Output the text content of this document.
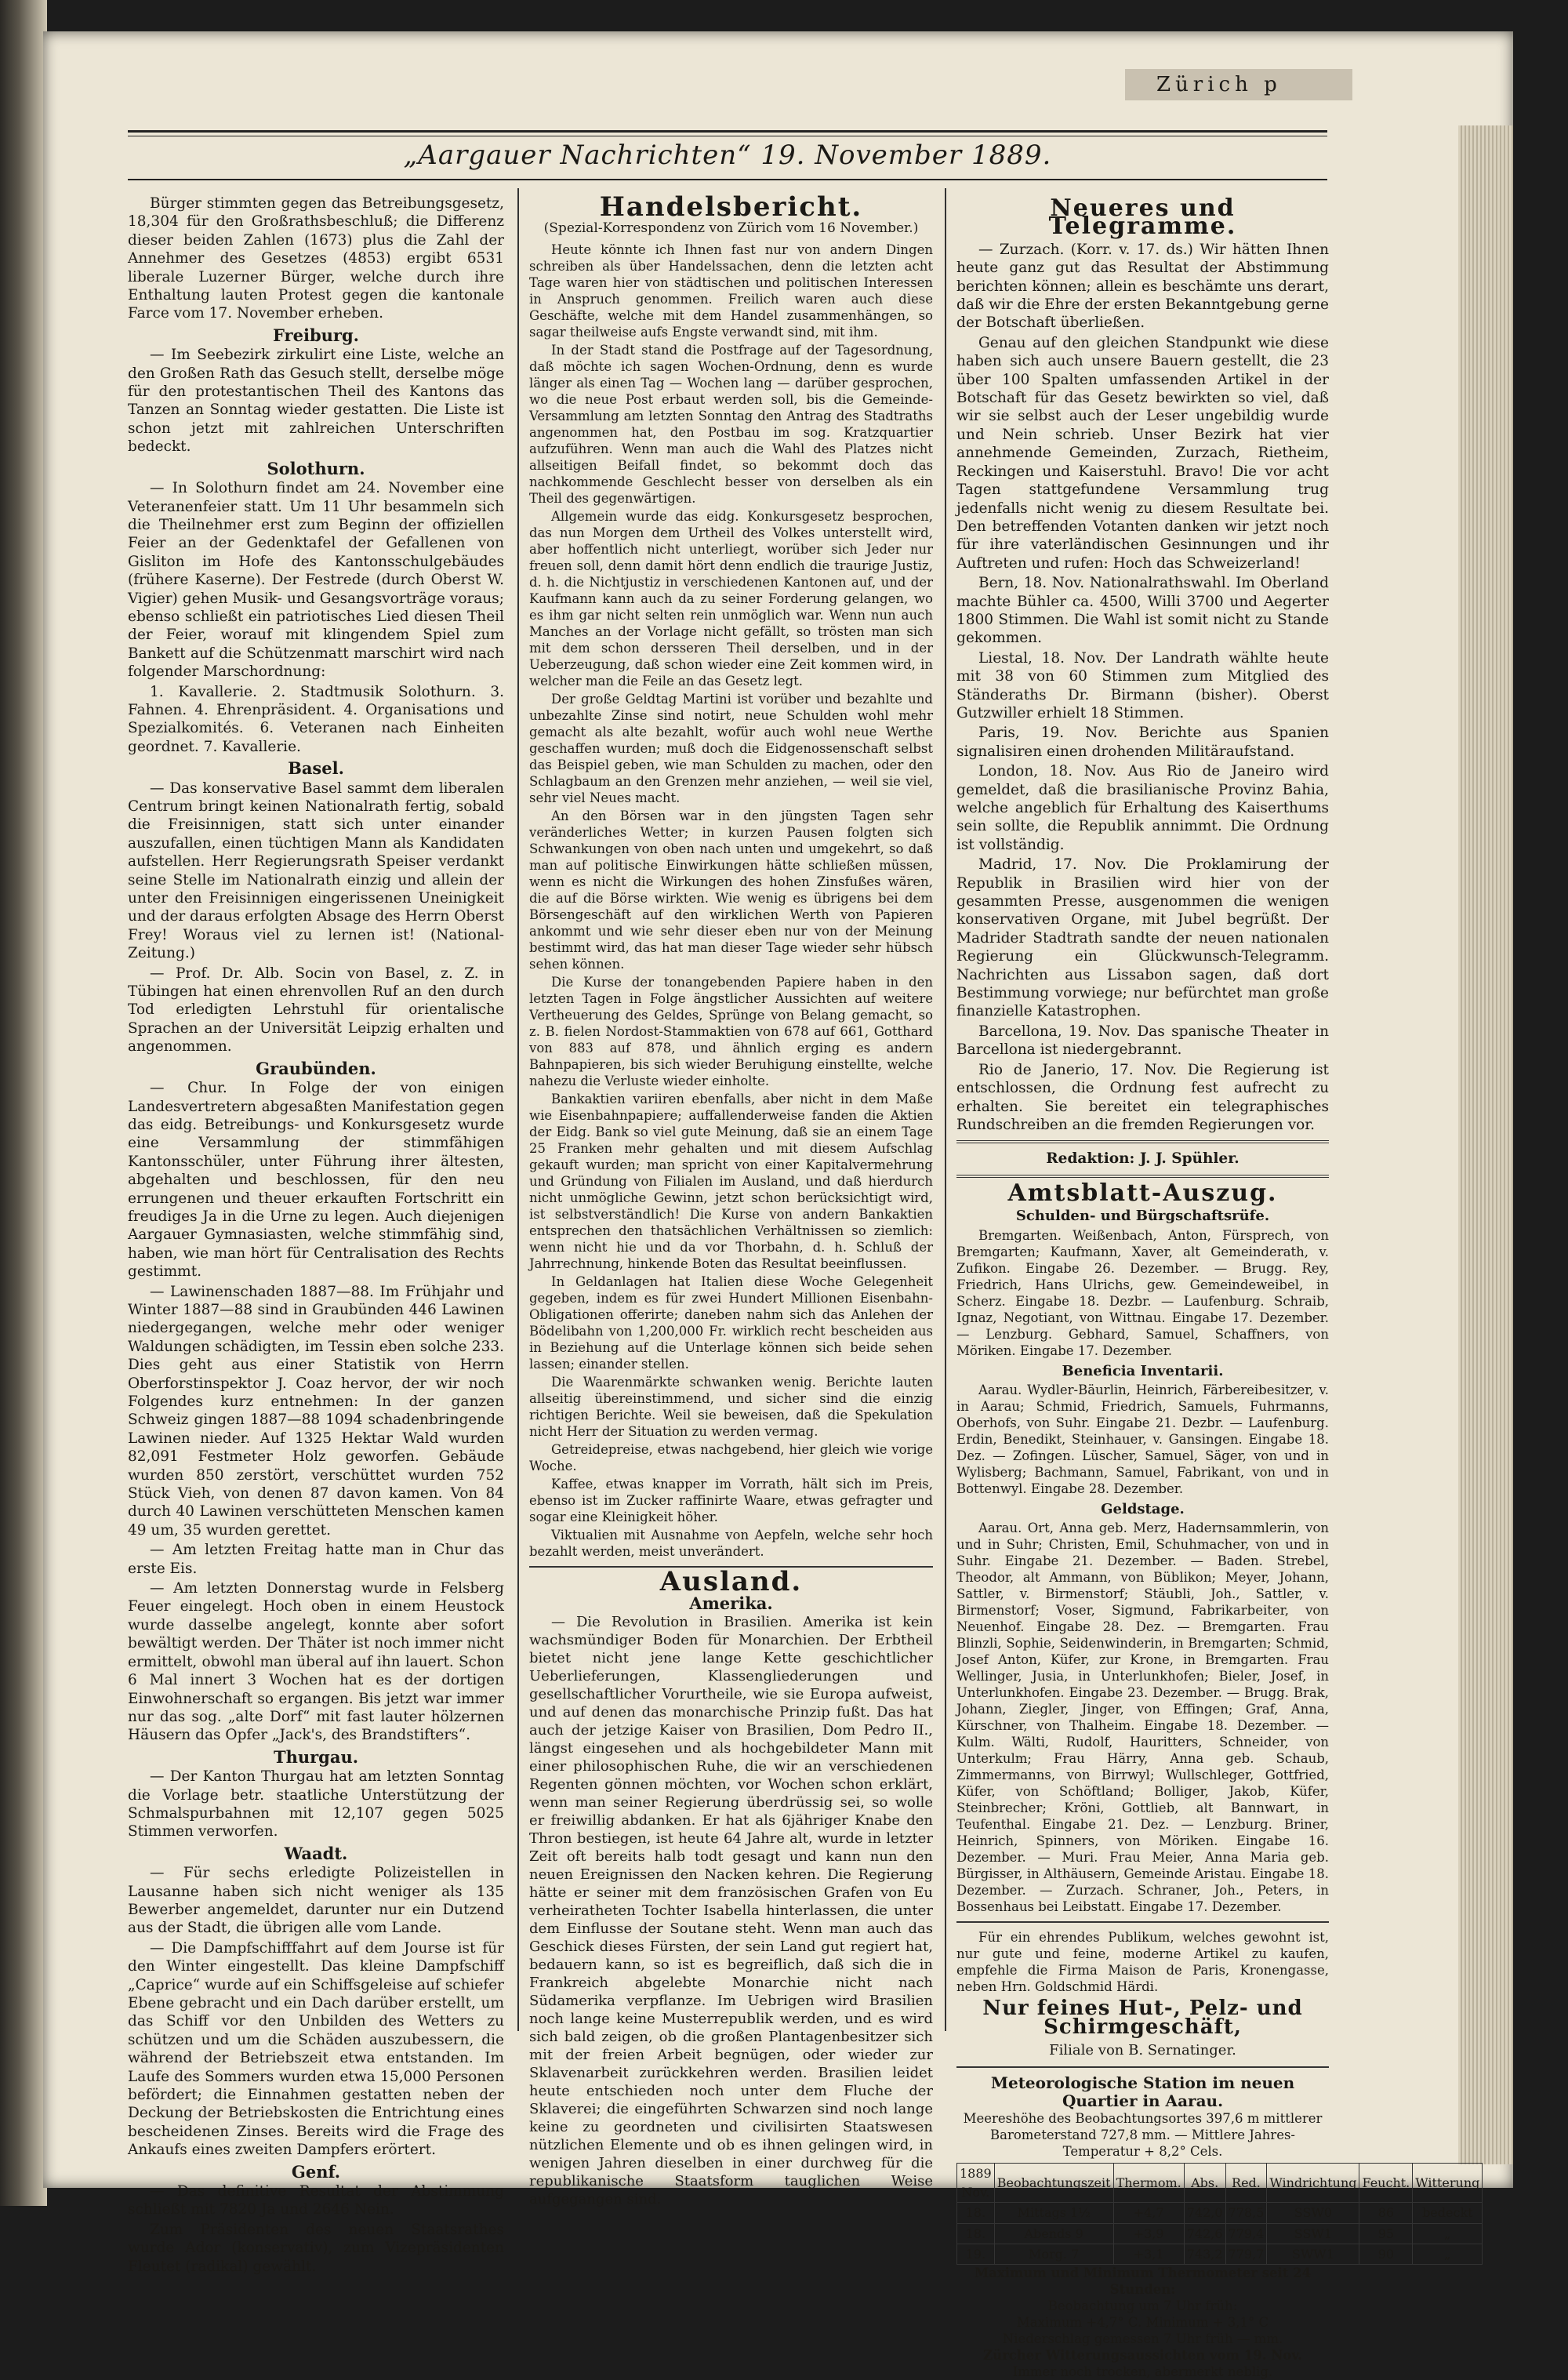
Zürich p
„Aargauer Nachrichten“ 19. November 1889.

Bürger stimmten gegen das Betreibungsgesetz, 18,304 für den Großrathsbeschluß; die Differenz dieser beiden Zahlen (1673) plus die Zahl der Annehmer des Gesetzes (4853) ergibt 6531 liberale Luzerner Bürger, welche durch ihre Enthaltung lauten Protest gegen die kantonale Farce vom 17. November erheben.

Freiburg.

— Im Seebezirk zirkulirt eine Liste, welche an den Großen Rath das Gesuch stellt, derselbe möge für den protestantischen Theil des Kantons das Tanzen an Sonntag wieder gestatten. Die Liste ist schon jetzt mit zahlreichen Unterschriften bedeckt.

Solothurn.

— In Solothurn findet am 24. November eine Veteranenfeier statt. Um 11 Uhr besammeln sich die Theilnehmer erst zum Beginn der offiziellen Feier an der Gedenktafel der Gefallenen von Gisliton im Hofe des Kantonsschulgebäudes (frühere Kaserne). Der Festrede (durch Oberst W. Vigier) gehen Musik- und Gesangsvorträge voraus; ebenso schließt ein patriotisches Lied diesen Theil der Feier, worauf mit klingendem Spiel zum Bankett auf die Schützenmatt marschirt wird nach folgender Marschordnung:

1. Kavallerie. 2. Stadtmusik Solothurn. 3. Fahnen. 4. Ehrenpräsident. 4. Organisations und Spezialkomités. 6. Veteranen nach Einheiten geordnet. 7. Kavallerie.

Basel.

— Das konservative Basel sammt dem liberalen Centrum bringt keinen Nationalrath fertig, sobald die Freisinnigen, statt sich unter einander auszufallen, einen tüchtigen Mann als Kandidaten aufstellen. Herr Regierungsrath Speiser verdankt seine Stelle im Nationalrath einzig und allein der unter den Freisinnigen eingerissenen Uneinigkeit und der daraus erfolgten Absage des Herrn Oberst Frey! Woraus viel zu lernen ist! (National-Zeitung.)

— Prof. Dr. Alb. Socin von Basel, z. Z. in Tübingen hat einen ehrenvollen Ruf an den durch Tod erledigten Lehrstuhl für orientalische Sprachen an der Universität Leipzig erhalten und angenommen.

Graubünden.

— Chur. In Folge der von einigen Landesvertretern abgesaßten Manifestation gegen das eidg. Betreibungs- und Konkursgesetz wurde eine Versammlung der stimmfähigen Kantonsschüler, unter Führung ihrer ältesten, abgehalten und beschlossen, für den neu errungenen und theuer erkauften Fortschritt ein freudiges Ja in die Urne zu legen. Auch diejenigen Aargauer Gymnasiasten, welche stimmfähig sind, haben, wie man hört für Centralisation des Rechts gestimmt.

— Lawinenschaden 1887—88. Im Frühjahr und Winter 1887—88 sind in Graubünden 446 Lawinen niedergegangen, welche mehr oder weniger Waldungen schädigten, im Tessin eben solche 233. Dies geht aus einer Statistik von Herrn Oberforstinspektor J. Coaz hervor, der wir noch Folgendes kurz entnehmen: In der ganzen Schweiz gingen 1887—88 1094 schadenbringende Lawinen nieder. Auf 1325 Hektar Wald wurden 82,091 Festmeter Holz geworfen. Gebäude wurden 850 zerstört, verschüttet wurden 752 Stück Vieh, von denen 87 davon kamen. Von 84 durch 40 Lawinen verschütteten Menschen kamen 49 um, 35 wurden gerettet.

— Am letzten Freitag hatte man in Chur das erste Eis.

— Am letzten Donnerstag wurde in Felsberg Feuer eingelegt. Hoch oben in einem Heustock wurde dasselbe angelegt, konnte aber sofort bewältigt werden. Der Thäter ist noch immer nicht ermittelt, obwohl man überal auf ihn lauert. Schon 6 Mal innert 3 Wochen hat es der dortigen Einwohnerschaft so ergangen. Bis jetzt war immer nur das sog. „alte Dorf“ mit fast lauter hölzernen Häusern das Opfer „Jack's, des Brandstifters“.

Thurgau.

— Der Kanton Thurgau hat am letzten Sonntag die Vorlage betr. staatliche Unterstützung der Schmalspurbahnen mit 12,107 gegen 5025 Stimmen verworfen.

Waadt.

— Für sechs erledigte Polizeistellen in Lausanne haben sich nicht weniger als 135 Bewerber angemeldet, darunter nur ein Dutzend aus der Stadt, die übrigen alle vom Lande.

— Die Dampfschifffahrt auf dem Jourse ist für den Winter eingestellt. Das kleine Dampfschiff „Caprice“ wurde auf ein Schiffsgeleise auf schiefer Ebene gebracht und ein Dach darüber erstellt, um das Schiff vor den Unbilden des Wetters zu schützen und um die Schäden auszubessern, die während der Betriebszeit etwa entstanden. Im Laufe des Sommers wurden etwa 15,000 Personen befördert; die Einnahmen gestatten neben der Deckung der Betriebskosten die Entrichtung eines bescheidenen Zinses. Bereits wird die Frage des Ankaufs eines zweiten Dampfers erörtert.

Genf.

— Das definitive Resultat der Abstimmung schließt mit 7820 Ja und 2646 Nein.

Zum Präsidenten des neuen Staatsrathes wurde Ador (konservativ), zum Vizepräsidenten Fleutet (radikal) gewählt.

Handelsbericht.
(Spezial-Korrespondenz von Zürich vom 16 November.)

Heute könnte ich Ihnen fast nur von andern Dingen schreiben als über Handelssachen, denn die letzten acht Tage waren hier von städtischen und politischen Interessen in Anspruch genommen. Freilich waren auch diese Geschäfte, welche mit dem Handel zusammenhängen, so sagar theilweise aufs Engste verwandt sind, mit ihm.

In der Stadt stand die Postfrage auf der Tagesordnung, daß möchte ich sagen Wochen-Ordnung, denn es wurde länger als einen Tag — Wochen lang — darüber gesprochen, wo die neue Post erbaut werden soll, bis die Gemeinde-Versammlung am letzten Sonntag den Antrag des Stadtraths angenommen hat, den Postbau im sog. Kratzquartier aufzuführen. Wenn man auch die Wahl des Platzes nicht allseitigen Beifall findet, so bekommt doch das nachkommende Geschlecht besser von derselben als ein Theil des gegenwärtigen.

Allgemein wurde das eidg. Konkursgesetz besprochen, das nun Morgen dem Urtheil des Volkes unterstellt wird, aber hoffentlich nicht unterliegt, worüber sich Jeder nur freuen soll, denn damit hört denn endlich die traurige Justiz, d. h. die Nichtjustiz in verschiedenen Kantonen auf, und der Kaufmann kann auch da zu seiner Forderung gelangen, wo es ihm gar nicht selten rein unmöglich war. Wenn nun auch Manches an der Vorlage nicht gefällt, so trösten man sich mit dem schon dersseren Theil derselben, und in der Ueberzeugung, daß schon wieder eine Zeit kommen wird, in welcher man die Feile an das Gesetz legt.

Der große Geldtag Martini ist vorüber und bezahlte und unbezahlte Zinse sind notirt, neue Schulden wohl mehr gemacht als alte bezahlt, wofür auch wohl neue Werthe geschaffen wurden; muß doch die Eidgenossenschaft selbst das Beispiel geben, wie man Schulden zu machen, oder den Schlagbaum an den Grenzen mehr anziehen, — weil sie viel, sehr viel Neues macht.

An den Börsen war in den jüngsten Tagen sehr veränderliches Wetter; in kurzen Pausen folgten sich Schwankungen von oben nach unten und umgekehrt, so daß man auf politische Einwirkungen hätte schließen müssen, wenn es nicht die Wirkungen des hohen Zinsfußes wären, die auf die Börse wirkten. Wie wenig es übrigens bei dem Börsengeschäft auf den wirklichen Werth von Papieren ankommt und wie sehr dieser eben nur von der Meinung bestimmt wird, das hat man dieser Tage wieder sehr hübsch sehen können.

Die Kurse der tonangebenden Papiere haben in den letzten Tagen in Folge ängstlicher Aussichten auf weitere Vertheuerung des Geldes, Sprünge von Belang gemacht, so z. B. fielen Nordost-Stammaktien von 678 auf 661, Gotthard von 883 auf 878, und ähnlich erging es andern Bahnpapieren, bis sich wieder Beruhigung einstellte, welche nahezu die Verluste wieder einholte.

Bankaktien variiren ebenfalls, aber nicht in dem Maße wie Eisenbahnpapiere; auffallenderweise fanden die Aktien der Eidg. Bank so viel gute Meinung, daß sie an einem Tage 25 Franken mehr gehalten und mit diesem Aufschlag gekauft wurden; man spricht von einer Kapitalvermehrung und Gründung von Filialen im Ausland, und daß hierdurch nicht unmögliche Gewinn, jetzt schon berücksichtigt wird, ist selbstverständlich! Die Kurse von andern Bankaktien entsprechen den thatsächlichen Verhältnissen so ziemlich: wenn nicht hie und da vor Thorbahn, d. h. Schluß der Jahrrechnung, hinkende Boten das Resultat beeinflussen.

In Geldanlagen hat Italien diese Woche Gelegenheit gegeben, indem es für zwei Hundert Millionen Eisenbahn-Obligationen offerirte; daneben nahm sich das Anlehen der Bödelibahn von 1,200,000 Fr. wirklich recht bescheiden aus in Beziehung auf die Unterlage können sich beide sehen lassen; einander stellen.

Die Waarenmärkte schwanken wenig. Berichte lauten allseitig übereinstimmend, und sicher sind die einzig richtigen Berichte. Weil sie beweisen, daß die Spekulation nicht Herr der Situation zu werden vermag.

Getreidepreise, etwas nachgebend, hier gleich wie vorige Woche.

Kaffee, etwas knapper im Vorrath, hält sich im Preis, ebenso ist im Zucker raffinirte Waare, etwas gefragter und sogar eine Kleinigkeit höher.

Viktualien mit Ausnahme von Aepfeln, welche sehr hoch bezahlt werden, meist unverändert.

Ausland.
Amerika.

— Die Revolution in Brasilien. Amerika ist kein wachsmündiger Boden für Monarchien. Der Erbtheil bietet nicht jene lange Kette geschichtlicher Ueberlieferungen, Klassengliederungen und gesellschaftlicher Vorurtheile, wie sie Europa aufweist, und auf denen das monarchische Prinzip fußt. Das hat auch der jetzige Kaiser von Brasilien, Dom Pedro II., längst eingesehen und als hochgebildeter Mann mit einer philosophischen Ruhe, die wir an verschiedenen Regenten gönnen möchten, vor Wochen schon erklärt, wenn man seiner Regierung überdrüssig sei, so wolle er freiwillig abdanken. Er hat als 6jähriger Knabe den Thron bestiegen, ist heute 64 Jahre alt, wurde in letzter Zeit oft bereits halb todt gesagt und kann nun den neuen Ereignissen den Nacken kehren. Die Regierung hätte er seiner mit dem französischen Grafen von Eu verheiratheten Tochter Isabella hinterlassen, die unter dem Einflusse der Soutane steht. Wenn man auch das Geschick dieses Fürsten, der sein Land gut regiert hat, bedauern kann, so ist es begreiflich, daß sich die in Frankreich abgelebte Monarchie nicht nach Südamerika verpflanze. Im Uebrigen wird Brasilien noch lange keine Musterrepublik werden, und es wird sich bald zeigen, ob die großen Plantagenbesitzer sich mit der freien Arbeit begnügen, oder wieder zur Sklavenarbeit zurückkehren werden. Brasilien leidet heute entschieden noch unter dem Fluche der Sklaverei; die eingeführten Schwarzen sind noch lange keine zu geordneten und civilisirten Staatswesen nützlichen Elemente und ob es ihnen gelingen wird, in wenigen Jahren dieselben in einer durchweg für die republikanische Staatsform tauglichen Weise aufgegangen sind.

Neueres und Telegramme.

— Zurzach. (Korr. v. 17. ds.) Wir hätten Ihnen heute ganz gut das Resultat der Abstimmung berichten können; allein es beschämte uns derart, daß wir die Ehre der ersten Bekanntgebung gerne der Botschaft überließen.

Genau auf den gleichen Standpunkt wie diese haben sich auch unsere Bauern gestellt, die 23 über 100 Spalten umfassenden Artikel in der Botschaft für das Gesetz bewirkten so viel, daß wir sie selbst auch der Leser ungebildig wurde und Nein schrieb. Unser Bezirk hat vier annehmende Gemeinden, Zurzach, Rietheim, Reckingen und Kaiserstuhl. Bravo! Die vor acht Tagen stattgefundene Versammlung trug jedenfalls nicht wenig zu diesem Resultate bei. Den betreffenden Votanten danken wir jetzt noch für ihre vaterländischen Gesinnungen und ihr Auftreten und rufen: Hoch das Schweizerland!

Bern, 18. Nov. Nationalrathswahl. Im Oberland machte Bühler ca. 4500, Willi 3700 und Aegerter 1800 Stimmen. Die Wahl ist somit nicht zu Stande gekommen.

Liestal, 18. Nov. Der Landrath wählte heute mit 38 von 60 Stimmen zum Mitglied des Ständeraths Dr. Birmann (bisher). Oberst Gutzwiller erhielt 18 Stimmen.

Paris, 19. Nov. Berichte aus Spanien signalisiren einen drohenden Militäraufstand.

London, 18. Nov. Aus Rio de Janeiro wird gemeldet, daß die brasilianische Provinz Bahia, welche angeblich für Erhaltung des Kaiserthums sein sollte, die Republik annimmt. Die Ordnung ist vollständig.

Madrid, 17. Nov. Die Proklamirung der Republik in Brasilien wird hier von der gesammten Presse, ausgenommen die wenigen konservativen Organe, mit Jubel begrüßt. Der Madrider Stadtrath sandte der neuen nationalen Regierung ein Glückwunsch-Telegramm. Nachrichten aus Lissabon sagen, daß dort Bestimmung vorwiege; nur befürchtet man große finanzielle Katastrophen.

Barcellona, 19. Nov. Das spanische Theater in Barcellona ist niedergebrannt.

Rio de Janerio, 17. Nov. Die Regierung ist entschlossen, die Ordnung fest aufrecht zu erhalten. Sie bereitet ein telegraphisches Rundschreiben an die fremden Regierungen vor.

Redaktion: J. J. Spühler.
Amtsblatt-Auszug.
Schulden- und Bürgschaftsrüfe.

Bremgarten. Weißenbach, Anton, Fürsprech, von Bremgarten; Kaufmann, Xaver, alt Gemeinderath, v. Zufikon. Eingabe 26. Dezember. — Brugg. Rey, Friedrich, Hans Ulrichs, gew. Gemeindeweibel, in Scherz. Eingabe 18. Dezbr. — Laufenburg. Schraib, Ignaz, Negotiant, von Wittnau. Eingabe 17. Dezember. — Lenzburg. Gebhard, Samuel, Schaffners, von Möriken. Eingabe 17. Dezember.

Beneficia Inventarii.

Aarau. Wydler-Bäurlin, Heinrich, Färbereibesitzer, v. in Aarau; Schmid, Friedrich, Samuels, Fuhrmanns, Oberhofs, von Suhr. Eingabe 21. Dezbr. — Laufenburg. Erdin, Benedikt, Steinhauer, v. Gansingen. Eingabe 18. Dez. — Zofingen. Lüscher, Samuel, Säger, von und in Wylisberg; Bachmann, Samuel, Fabrikant, von und in Bottenwyl. Eingabe 28. Dezember.

Geldstage.

Aarau. Ort, Anna geb. Merz, Hadernsammlerin, von und in Suhr; Christen, Emil, Schuhmacher, von und in Suhr. Eingabe 21. Dezember. — Baden. Strebel, Theodor, alt Ammann, von Büblikon; Meyer, Johann, Sattler, v. Birmenstorf; Stäubli, Joh., Sattler, v. Birmenstorf; Voser, Sigmund, Fabrikarbeiter, von Neuenhof. Eingabe 28. Dez. — Bremgarten. Frau Blinzli, Sophie, Seidenwinderin, in Bremgarten; Schmid, Josef Anton, Küfer, zur Krone, in Bremgarten. Frau Wellinger, Jusia, in Unterlunkhofen; Bieler, Josef, in Unterlunkhofen. Eingabe 23. Dezember. — Brugg. Brak, Johann, Ziegler, Jinger, von Effingen; Graf, Anna, Kürschner, von Thalheim. Eingabe 18. Dezember. — Kulm. Wälti, Rudolf, Hauritters, Schneider, von Unterkulm; Frau Härry, Anna geb. Schaub, Zimmermanns, von Birrwyl; Wullschleger, Gottfried, Küfer, von Schöftland; Bolliger, Jakob, Küfer, Steinbrecher; Kröni, Gottlieb, alt Bannwart, in Teufenthal. Eingabe 21. Dez. — Lenzburg. Briner, Heinrich, Spinners, von Möriken. Eingabe 16. Dezember. — Muri. Frau Meier, Anna Maria geb. Bürgisser, in Althäusern, Gemeinde Aristau. Eingabe 18. Dezember. — Zurzach. Schraner, Joh., Peters, in Bossenhaus bei Leibstatt. Eingabe 17. Dezember.

Für ein ehrendes Publikum, welches gewohnt ist, nur gute und feine, moderne Artikel zu kaufen, empfehle die Firma Maison de Paris, Kronengasse, neben Hrn. Goldschmid Härdi.

Nur feines Hut-, Pelz- und Schirmgeschäft,
Filiale von B. Sernatinger.
Meteorologische Station im neuen Quartier in Aarau.
Meereshöhe des Beobachtungsortes 397,6 m mittlerer Barometerstand 727,8 mm. — Mittlere Jahres-Temperatur + 8,2° Cels.
1889 Nov.	Beobachtungszeit	Thermom.	Abs.	Red.	Windrichtung	Feucht.	Witterung
18.	Mittags 1½	+4,7	742,0	778,5	SSW0	86	bedeckt
18.	Abends 9	+3,9	742,6	779,4	SSW1	95	„
19.	Morg. 7	+3,1	743,2	779,7	SWW1	90	„
Maximum und Minimum Thermometer seit 24 Stunden:
Beobachtung um 7 Uhr früh:
Maximum +4,7° C. Minimum + 3,1° C
Niederschlag gemessen 7 Uhr früh — mm.
Zürcher Witterungsaussichten vom 19. Nov.
Immer noch trocken, abermerkt neblig.
